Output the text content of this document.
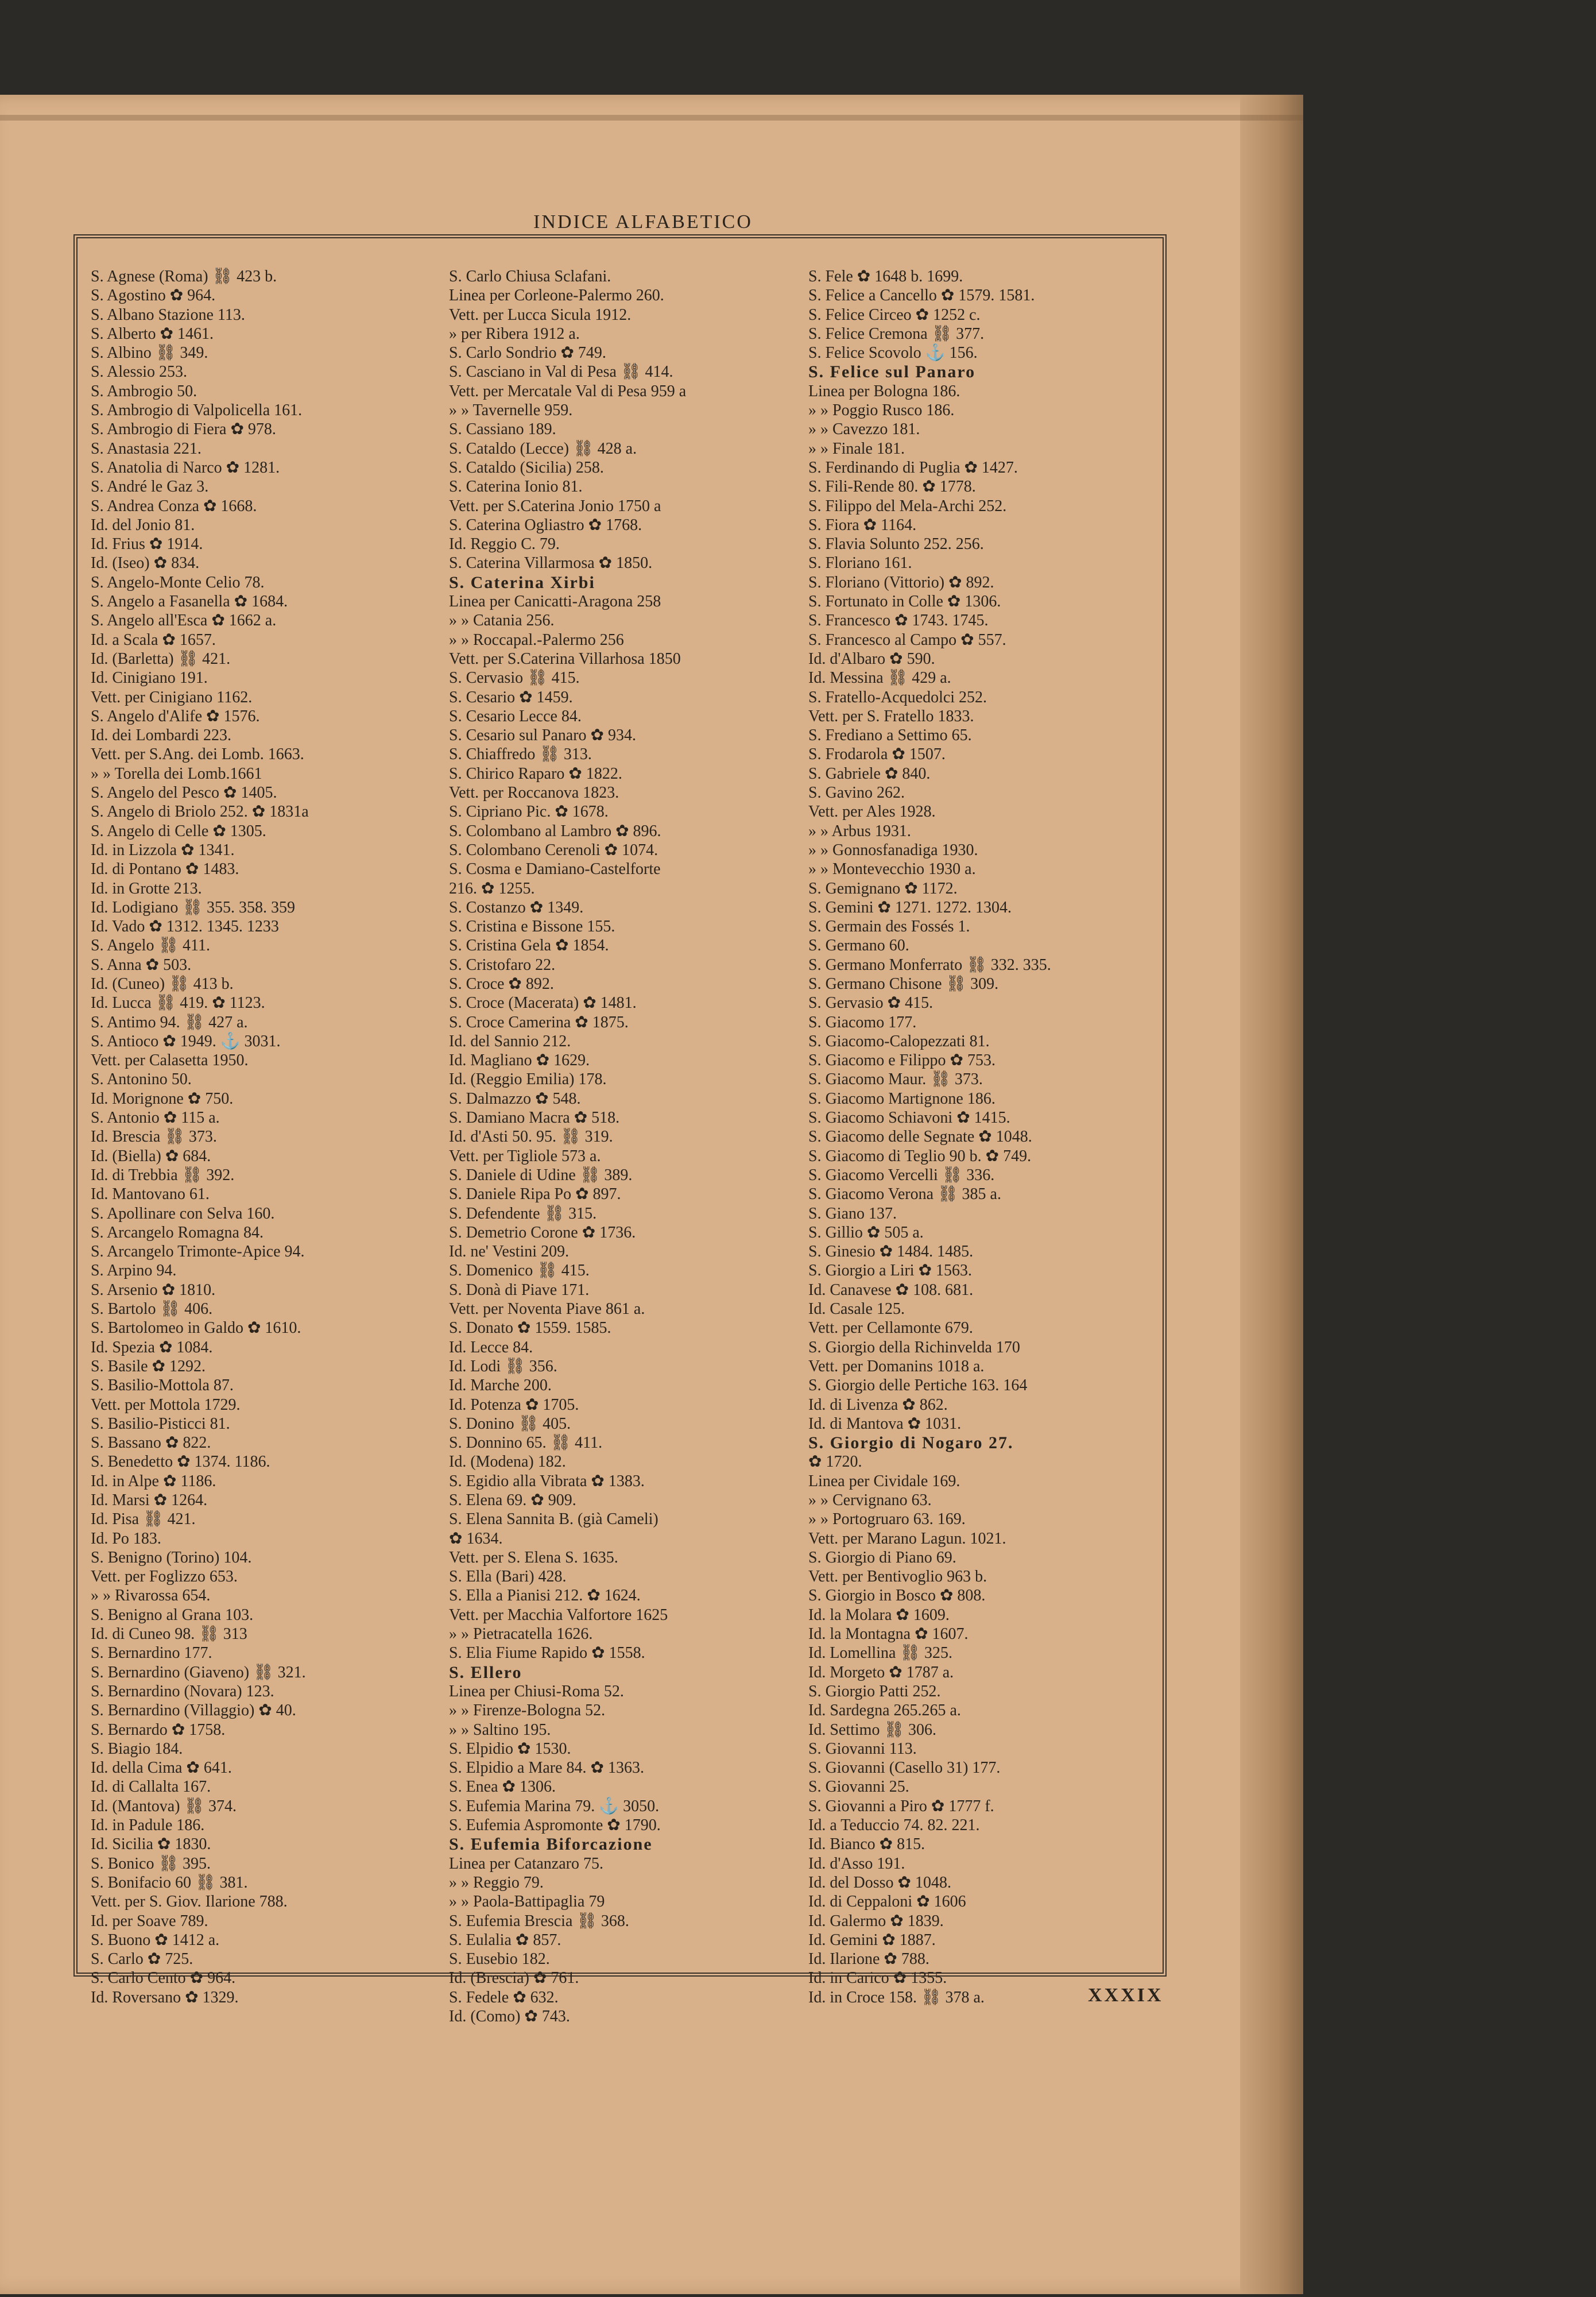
INDICE ALFABETICO
S. Agnese (Roma) ⛓ 423 b.
S. Agostino ✿ 964.
S. Albano Stazione 113.
S. Alberto ✿ 1461.
S. Albino ⛓ 349.
S. Alessio 253.
S. Ambrogio 50.
S. Ambrogio di Valpolicella 161.
S. Ambrogio di Fiera ✿ 978.
S. Anastasia 221.
S. Anatolia di Narco ✿ 1281.
S. André le Gaz 3.
S. Andrea Conza ✿ 1668.
Id. del Jonio 81.
Id. Frius ✿ 1914.
Id. (Iseo) ✿ 834.
S. Angelo-Monte Celio 78.
S. Angelo a Fasanella ✿ 1684.
S. Angelo all'Esca ✿ 1662 a.
Id. a Scala ✿ 1657.
Id. (Barletta) ⛓ 421.
Id. Cinigiano 191.
Vett. per Cinigiano 1162.
S. Angelo d'Alife ✿ 1576.
Id. dei Lombardi 223.
Vett. per S.Ang. dei Lomb. 1663.
» » Torella dei Lomb.1661
S. Angelo del Pesco ✿ 1405.
S. Angelo di Briolo 252. ✿ 1831a
S. Angelo di Celle ✿ 1305.
Id. in Lizzola ✿ 1341.
Id. di Pontano ✿ 1483.
Id. in Grotte 213.
Id. Lodigiano ⛓ 355. 358. 359
Id. Vado ✿ 1312. 1345. 1233
S. Angelo ⛓ 411.
S. Anna ✿ 503.
Id. (Cuneo) ⛓ 413 b.
Id. Lucca ⛓ 419. ✿ 1123.
S. Antimo 94. ⛓ 427 a.
S. Antioco ✿ 1949. ⚓ 3031.
Vett. per Calasetta 1950.
S. Antonino 50.
Id. Morignone ✿ 750.
S. Antonio ✿ 115 a.
Id. Brescia ⛓ 373.
Id. (Biella) ✿ 684.
Id. di Trebbia ⛓ 392.
Id. Mantovano 61.
S. Apollinare con Selva 160.
S. Arcangelo Romagna 84.
S. Arcangelo Trimonte-Apice 94.
S. Arpino 94.
S. Arsenio ✿ 1810.
S. Bartolo ⛓ 406.
S. Bartolomeo in Galdo ✿ 1610.
Id. Spezia ✿ 1084.
S. Basile ✿ 1292.
S. Basilio-Mottola 87.
Vett. per Mottola 1729.
S. Basilio-Pisticci 81.
S. Bassano ✿ 822.
S. Benedetto ✿ 1374. 1186.
Id. in Alpe ✿ 1186.
Id. Marsi ✿ 1264.
Id. Pisa ⛓ 421.
Id. Po 183.
S. Benigno (Torino) 104.
Vett. per Foglizzo 653.
» » Rivarossa 654.
S. Benigno al Grana 103.
Id. di Cuneo 98. ⛓ 313
S. Bernardino 177.
S. Bernardino (Giaveno) ⛓ 321.
S. Bernardino (Novara) 123.
S. Bernardino (Villaggio) ✿ 40.
S. Bernardo ✿ 1758.
S. Biagio 184.
Id. della Cima ✿ 641.
Id. di Callalta 167.
Id. (Mantova) ⛓ 374.
Id. in Padule 186.
Id. Sicilia ✿ 1830.
S. Bonico ⛓ 395.
S. Bonifacio 60 ⛓ 381.
Vett. per S. Giov. Ilarione 788.
Id. per Soave 789.
S. Buono ✿ 1412 a.
S. Carlo ✿ 725.
S. Carlo Cento ✿ 964.
Id. Roversano ✿ 1329.
S. Carlo Chiusa Sclafani.
Linea per Corleone-Palermo 260.
Vett. per Lucca Sicula 1912.
» per Ribera 1912 a.
S. Carlo Sondrio ✿ 749.
S. Casciano in Val di Pesa ⛓ 414.
Vett. per Mercatale Val di Pesa 959 a
» » Tavernelle 959.
S. Cassiano 189.
S. Cataldo (Lecce) ⛓ 428 a.
S. Cataldo (Sicilia) 258.
S. Caterina Ionio 81.
Vett. per S.Caterina Jonio 1750 a
S. Caterina Ogliastro ✿ 1768.
Id. Reggio C. 79.
S. Caterina Villarmosa ✿ 1850.
S. Caterina Xirbi
Linea per Canicatti-Aragona 258
» » Catania 256.
» » Roccapal.-Palermo 256
Vett. per S.Caterina Villarhosa 1850
S. Cervasio ⛓ 415.
S. Cesario ✿ 1459.
S. Cesario Lecce 84.
S. Cesario sul Panaro ✿ 934.
S. Chiaffredo ⛓ 313.
S. Chirico Raparo ✿ 1822.
Vett. per Roccanova 1823.
S. Cipriano Pic. ✿ 1678.
S. Colombano al Lambro ✿ 896.
S. Colombano Cerenoli ✿ 1074.
S. Cosma e Damiano-Castelforte
216. ✿ 1255.
S. Costanzo ✿ 1349.
S. Cristina e Bissone 155.
S. Cristina Gela ✿ 1854.
S. Cristofaro 22.
S. Croce ✿ 892.
S. Croce (Macerata) ✿ 1481.
S. Croce Camerina ✿ 1875.
Id. del Sannio 212.
Id. Magliano ✿ 1629.
Id. (Reggio Emilia) 178.
S. Dalmazzo ✿ 548.
S. Damiano Macra ✿ 518.
Id. d'Asti 50. 95. ⛓ 319.
Vett. per Tigliole 573 a.
S. Daniele di Udine ⛓ 389.
S. Daniele Ripa Po ✿ 897.
S. Defendente ⛓ 315.
S. Demetrio Corone ✿ 1736.
Id. ne' Vestini 209.
S. Domenico ⛓ 415.
S. Donà di Piave 171.
Vett. per Noventa Piave 861 a.
S. Donato ✿ 1559. 1585.
Id. Lecce 84.
Id. Lodi ⛓ 356.
Id. Marche 200.
Id. Potenza ✿ 1705.
S. Donino ⛓ 405.
S. Donnino 65. ⛓ 411.
Id. (Modena) 182.
S. Egidio alla Vibrata ✿ 1383.
S. Elena 69. ✿ 909.
S. Elena Sannita B. (già Cameli)
✿ 1634.
Vett. per S. Elena S. 1635.
S. Ella (Bari) 428.
S. Ella a Pianisi 212. ✿ 1624.
Vett. per Macchia Valfortore 1625
» » Pietracatella 1626.
S. Elia Fiume Rapido ✿ 1558.
S. Ellero
Linea per Chiusi-Roma 52.
» » Firenze-Bologna 52.
» » Saltino 195.
S. Elpidio ✿ 1530.
S. Elpidio a Mare 84. ✿ 1363.
S. Enea ✿ 1306.
S. Eufemia Marina 79. ⚓ 3050.
S. Eufemia Aspromonte ✿ 1790.
S. Eufemia Biforcazione
Linea per Catanzaro 75.
» » Reggio 79.
» » Paola-Battipaglia 79
S. Eufemia Brescia ⛓ 368.
S. Eulalia ✿ 857.
S. Eusebio 182.
Id. (Brescia) ✿ 761.
S. Fedele ✿ 632.
Id. (Como) ✿ 743.
S. Fele ✿ 1648 b. 1699.
S. Felice a Cancello ✿ 1579. 1581.
S. Felice Circeo ✿ 1252 c.
S. Felice Cremona ⛓ 377.
S. Felice Scovolo ⚓ 156.
S. Felice sul Panaro
Linea per Bologna 186.
» » Poggio Rusco 186.
» » Cavezzo 181.
» » Finale 181.
S. Ferdinando di Puglia ✿ 1427.
S. Fili-Rende 80. ✿ 1778.
S. Filippo del Mela-Archi 252.
S. Fiora ✿ 1164.
S. Flavia Solunto 252. 256.
S. Floriano 161.
S. Floriano (Vittorio) ✿ 892.
S. Fortunato in Colle ✿ 1306.
S. Francesco ✿ 1743. 1745.
S. Francesco al Campo ✿ 557.
Id. d'Albaro ✿ 590.
Id. Messina ⛓ 429 a.
S. Fratello-Acquedolci 252.
Vett. per S. Fratello 1833.
S. Frediano a Settimo 65.
S. Frodarola ✿ 1507.
S. Gabriele ✿ 840.
S. Gavino 262.
Vett. per Ales 1928.
» » Arbus 1931.
» » Gonnosfanadiga 1930.
» » Montevecchio 1930 a.
S. Gemignano ✿ 1172.
S. Gemini ✿ 1271. 1272. 1304.
S. Germain des Fossés 1.
S. Germano 60.
S. Germano Monferrato ⛓ 332. 335.
S. Germano Chisone ⛓ 309.
S. Gervasio ✿ 415.
S. Giacomo 177.
S. Giacomo-Calopezzati 81.
S. Giacomo e Filippo ✿ 753.
S. Giacomo Maur. ⛓ 373.
S. Giacomo Martignone 186.
S. Giacomo Schiavoni ✿ 1415.
S. Giacomo delle Segnate ✿ 1048.
S. Giacomo di Teglio 90 b. ✿ 749.
S. Giacomo Vercelli ⛓ 336.
S. Giacomo Verona ⛓ 385 a.
S. Giano 137.
S. Gillio ✿ 505 a.
S. Ginesio ✿ 1484. 1485.
S. Giorgio a Liri ✿ 1563.
Id. Canavese ✿ 108. 681.
Id. Casale 125.
Vett. per Cellamonte 679.
S. Giorgio della Richinvelda 170
Vett. per Domanins 1018 a.
S. Giorgio delle Pertiche 163. 164
Id. di Livenza ✿ 862.
Id. di Mantova ✿ 1031.
S. Giorgio di Nogaro 27.
✿ 1720.
Linea per Cividale 169.
» » Cervignano 63.
» » Portogruaro 63. 169.
Vett. per Marano Lagun. 1021.
S. Giorgio di Piano 69.
Vett. per Bentivoglio 963 b.
S. Giorgio in Bosco ✿ 808.
Id. la Molara ✿ 1609.
Id. la Montagna ✿ 1607.
Id. Lomellina ⛓ 325.
Id. Morgeto ✿ 1787 a.
S. Giorgio Patti 252.
Id. Sardegna 265.265 a.
Id. Settimo ⛓ 306.
S. Giovanni 113.
S. Giovanni (Casello 31) 177.
S. Giovanni 25.
S. Giovanni a Piro ✿ 1777 f.
Id. a Teduccio 74. 82. 221.
Id. Bianco ✿ 815.
Id. d'Asso 191.
Id. del Dosso ✿ 1048.
Id. di Ceppaloni ✿ 1606
Id. Galermo ✿ 1839.
Id. Gemini ✿ 1887.
Id. Ilarione ✿ 788.
Id. in Carico ✿ 1355.
Id. in Croce 158. ⛓ 378 a.	XXXIX
